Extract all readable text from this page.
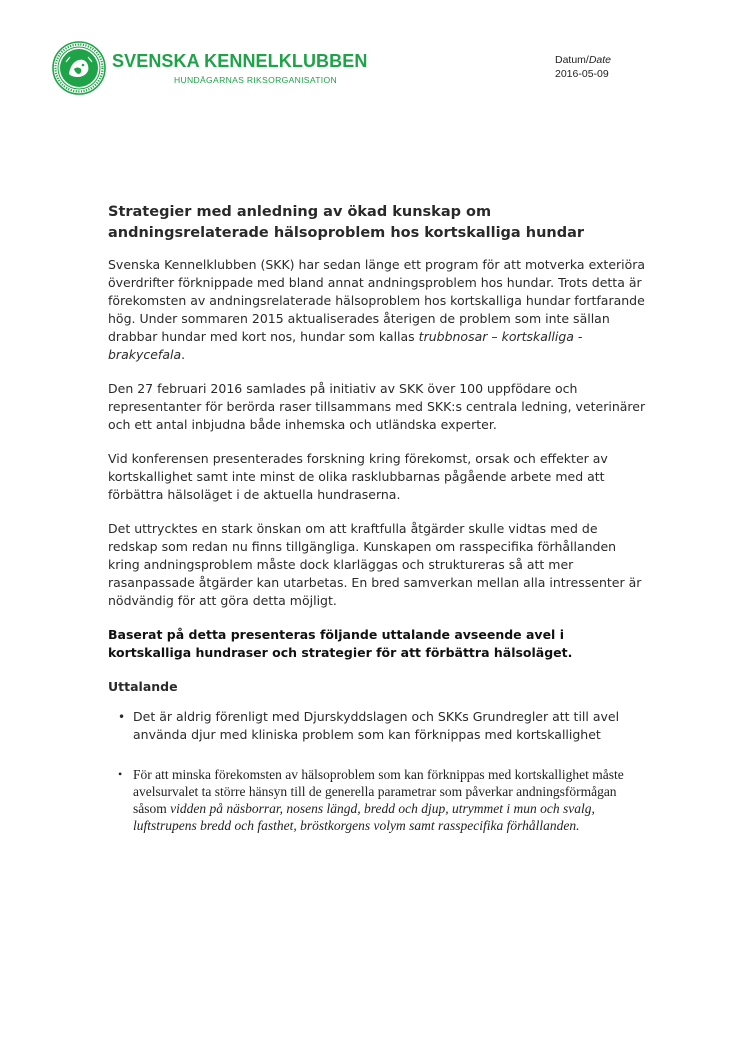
SVENSKA KENNELKLUBBEN
HUNDÄGARNAS RIKSORGANISATION
Datum/Date
2016-05-09
Strategier med anledning av ökad kunskap om andningsrelaterade hälsoproblem hos kortskalliga hundar

Svenska Kennelklubben (SKK) har sedan länge ett program för att motverka exteriöra överdrifter förknippade med bland annat andningsproblem hos hundar. Trots detta är förekomsten av andningsrelaterade hälsoproblem hos kortskalliga hundar fortfarande hög. Under sommaren 2015 aktualiserades återigen de problem som inte sällan drabbar hundar med kort nos, hundar som kallas trubbnosar – kortskalliga - brakycefala.

Den 27 februari 2016 samlades på initiativ av SKK över 100 uppfödare och representanter för berörda raser tillsammans med SKK:s centrala ledning, veterinärer och ett antal inbjudna både inhemska och utländska experter.

Vid konferensen presenterades forskning kring förekomst, orsak och effekter av kortskallighet samt inte minst de olika rasklubbarnas pågående arbete med att förbättra hälsoläget i de aktuella hundraserna.

Det uttrycktes en stark önskan om att kraftfulla åtgärder skulle vidtas med de redskap som redan nu finns tillgängliga. Kunskapen om rasspecifika förhållanden kring andningsproblem måste dock klarläggas och struktureras så att mer rasanpassade åtgärder kan utarbetas. En bred samverkan mellan alla intressenter är nödvändig för att göra detta möjligt.

Baserat på detta presenteras följande uttalande avseende avel i kortskalliga hundraser och strategier för att förbättra hälsoläget.

Uttalande
• Det är aldrig förenligt med Djurskyddslagen och SKKs Grundregler att till avel använda djur med kliniska problem som kan förknippas med kortskallighet
• För att minska förekomsten av hälsoproblem som kan förknippas med kortskallighet måste avelsurvalet ta större hänsyn till de generella parametrar som påverkar andningsförmågan såsom vidden på näsborrar, nosens längd, bredd och djup, utrymmet i mun och svalg, luftstrupens bredd och fasthet, bröstkorgens volym samt rasspecifika förhållanden.
